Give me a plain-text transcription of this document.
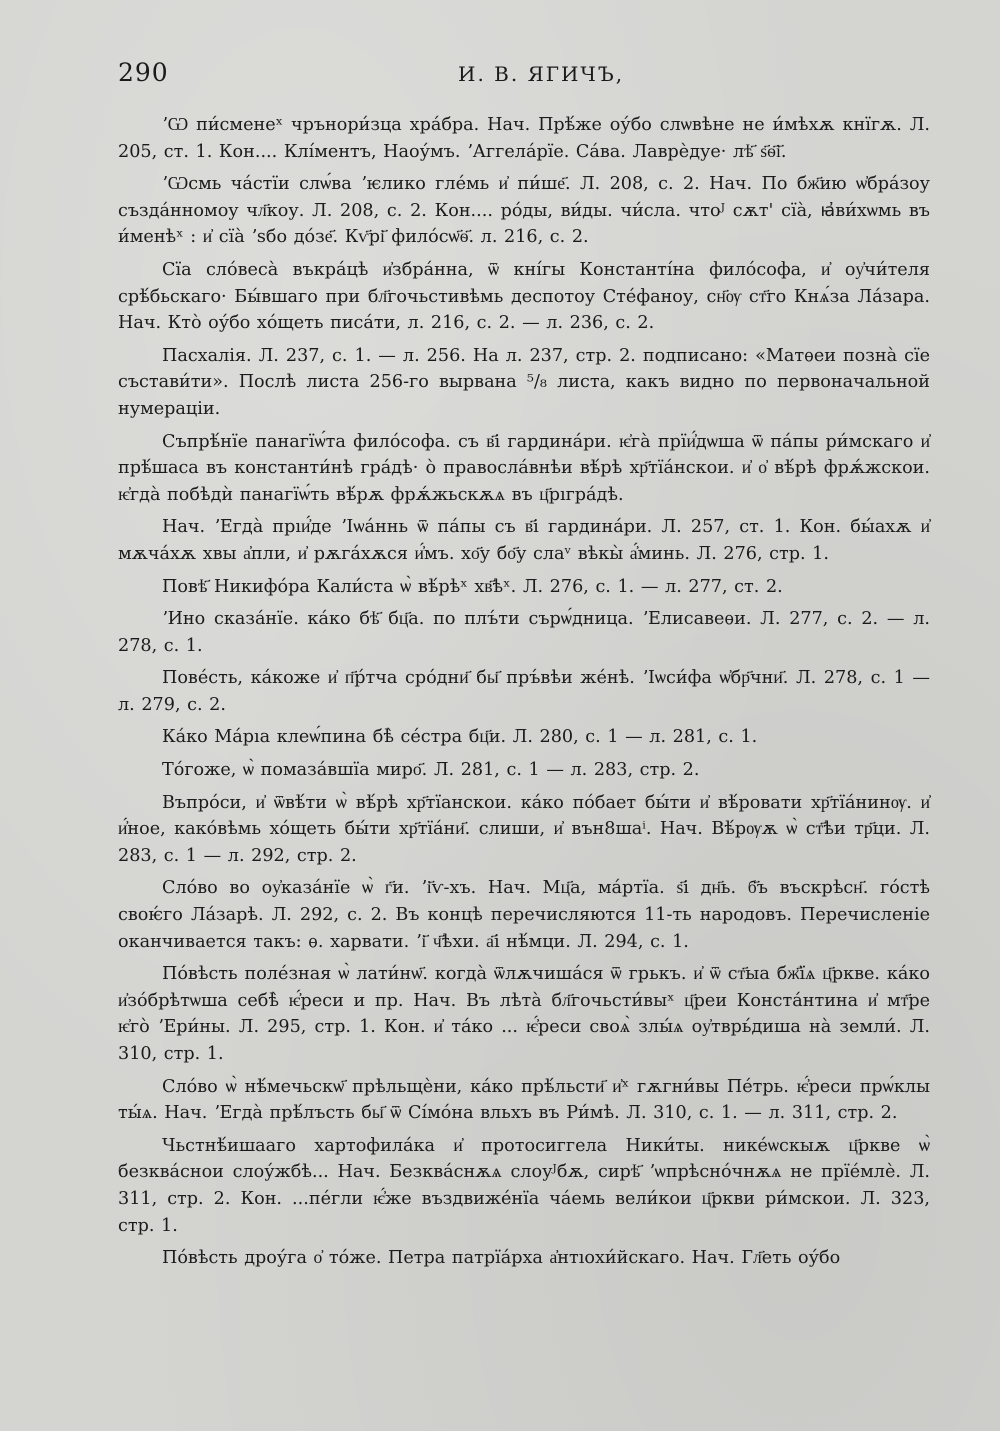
290	И. В. ЯГИЧЪ,

ʼѠ пи́сменеˣ чрънори́зца хра́бра. Нач. Прѣ́же оу́бо слѡвѣне не и́мѣхѫ кнїгѫ. Л. 205, ст. 1. Кон.... Клі́ментъ, Наоу́мъ. ʼАггела́рїе. Са́ва. Лаврѐдуе· лѣ҃ ѕ҃ѳ҃і҃.

ʼѠсмь ча́стїи слѡ́ва ʼѥлико гле́мь и҆ пи́ше҃. Л. 208, с. 2. Нач. По бж҃ию ѡ҆бра́зоу създа́нномоу чл҃коу. Л. 208, с. 2. Кон.... ро́ды, ви́ды. чи́сла. чтоᴶ сѫт' сїа̀, ꙗ҆ви́хѡмь въ и́менѣˣ : и҆ сїа̀ ʼѕбо до́зе҃. Кѵ҃рі҃ фило́сѡ҃ѳ҃. л. 216, с. 2.

Сїа сло́веса̀ въкра́цѣ и҆збра́нна, ѿ кні́гы Константі́на фило́софа, и҆ оу҆чи́теля срѣ́бьскаго· Бы́вшаго при бл҃гочьстивѣмь деспотоу Сте́фаноу, сн҃ѹ ст҃го Кнѧ́за Ла́зара. Нач. Кто̀ оу́бо хо́щеть писа́ти, л. 216, с. 2. — л. 236, с. 2.

Пасхалія. Л. 237, с. 1. — л. 256. На л. 237, стр. 2. подписано: «Матѳеи позна̀ сїе състави́ти». Послѣ листа 256-го вырвана ⁵/₈ листа, какъ видно по первоначальной нумераціи.

Съпрѣ́нїе панагїѡ́та фило́софа. съ в҃і гардина́ри. ѥ҆га̀ прїи҆́дѡша ѿ па́пы ри́мскаго и҆ прѣ́шаса въ константи́нѣ гра́дѣ· о̀ правосла́внѣи вѣ́рѣ хр҃тїа́нскои. и҆ о҆ вѣ́рѣ фрѫ́жскои. ѥ҆гда̀ побѣдѝ панагїѡ́ть вѣ́рѫ фрѫ́жьскѫѧ въ ц҃рıгра́дѣ.

Нач. ʼЕгда̀ прıи҆́де ʼІѡа́ннь ѿ па́пы съ в҃і гардина́ри. Л. 257, ст. 1. Кон. бы́ахѫ и҆ мѫча́хѫ хвы а҆пли, и҆ рѫга́хѫся и҆́мъ. хо҃у бо҃у слаᵛ вѣкы̀ а҆́минь. Л. 276, стр. 1.

Повѣ҃ Никифо́ра Кали́ста ѡ̀ вѣ́рѣˣ хв҃ѣˣ. Л. 276, с. 1. — л. 277, ст. 2.

ʼИно сказа́нїе. ка́ко бѣ҃ бц҃а. по плъ́ти сърѡ́дница. ʼЕлисавеѳи. Л. 277, с. 2. — л. 278, с. 1.

Пове́сть, ка́коже и҆ п҃р́тча сро́дни҃ бы҃ пръ́вѣи же́нѣ. ʼІѡси́фа ѡ҆бр҃чни҃. Л. 278, с. 1 — л. 279, с. 2.

Ка́ко Ма́рıа клеѡ́пина бѣ̀ се́стра бц҃и. Л. 280, с. 1 — л. 281, с. 1.

То́гоже, ѡ̀ помаза́вшїа миро҃. Л. 281, с. 1 — л. 283, стр. 2.

Въпро́си, и҆ ѿвѣ́ти ѡ̀ вѣ́рѣ хр҃тїанскои. ка́ко по́бает бы́ти и҆ вѣ́ровати хр҃тїа́нинѹ. и҆ и҆́ное, како́вѣмь хо́щеть бы́ти хр҃тїа́ни҃. слиши, и҆ вън8шаⁱ. Нач. Вѣ́рѹѫ ѡ̀ ст҃ѣи тр҃ци. Л. 283, с. 1 — л. 292, стр. 2.

Сло́во во оу҆каза́нїе ѡ̀ г҃и. ʼі҃ѵ-хъ. Нач. Мц҃а, ма́ртїа. ѕ҃і дн҃ь. б҃ъ въскрѣсн҃. го́стѣ своѥ́го Ла́зарѣ. Л. 292, с. 2. Въ концѣ перечисляются 11-ть народовъ. Перечисленіе оканчивается такъ: ѳ. харвати. ʼі҃ ч҃ѣхи. а҃і нѣ́мци. Л. 294, с. 1.

По́вѣсть поле́зная ѡ̀ лати́нѡ҃. когда̀ ѿлѫчиша́ся ѿ грькъ. и҆ ѿ ст҃ыа бж҃їѧ ц҃ркве. ка́ко и҆зо́брѣтѡша себѣ̀ ѥ҆́реси и пр. Нач. Въ лѣта̀ бл҃гочьсти́выˣ ц҃реи Конста́нтина и҆ мт҃ре ѥ҆го̀ ʼЕри́ны. Л. 295, стр. 1. Кон. и҆ та́ко ... ѥ҆́реси своѧ̀ злы́ѧ оу҆тврь́диша на̀ земли́. Л. 310, стр. 1.

Сло́во ѡ̀ нѣ́мечьскѡ҃ прѣльщѐни, ка́ко прѣ́льсти҃ и҆ˣ гѫгни́вы Пе́трь. ѥ҆́реси прѡ́клы ты́ѧ. Нач. ʼЕгда̀ прѣ́лъсть бы҃ ѿ Сі́мо́на вльхъ въ Ри́мѣ. Л. 310, с. 1. — л. 311, стр. 2.

Чьстнѣ́ишааго хартофила́ка и҆ протосиггела Ники́ты. нике́ѡскыѫ ц҃ркве ѡ̀ безква́снои слоу́жбѣ... Нач. Безква́снѫѧ слоуᴶбѫ, сирѣ҃ ʼѡпрѣсно́чнѫѧ не прїе́млѐ. Л. 311, стр. 2. Кон. ...пе́гли ѥ҆́же въздвиже́нїа ча́емь вели́кои ц҃ркви ри́мскои. Л. 323, стр. 1.

По́вѣсть дроу́га о҆ то́же. Петра патрїа́рха а҆нтıохи́йскаго. Нач. Гл҃еть оу́бо
